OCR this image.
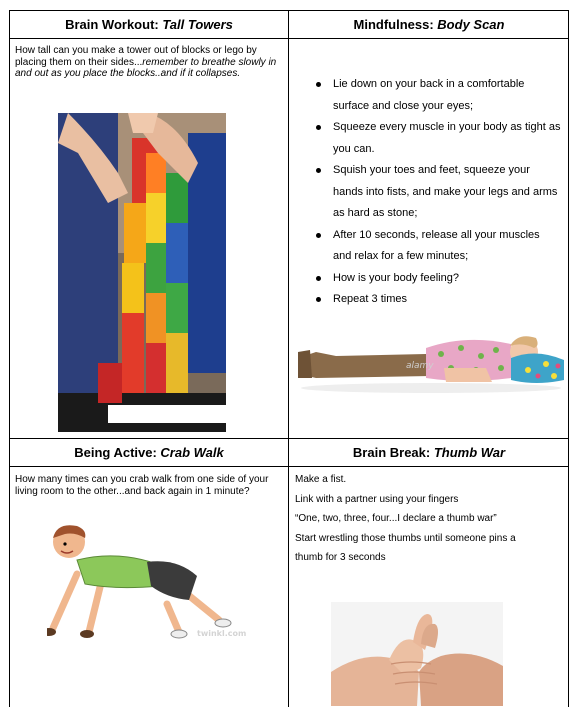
Brain Workout: Tall Towers
How tall can you make a tower out of blocks or lego by placing them on their sides...remember to breathe slowly in and out as you place the blocks..and if it collapses.
Mindfulness: Body Scan
Lie down on your back in a comfortable surface and close your eyes;
Squeeze every muscle in your body as tight as you can.
Squish your toes and feet, squeeze your hands into fists, and make your legs and arms as hard as stone;
After 10 seconds, release all your muscles and relax for a few minutes;
How is your body feeling?
Repeat 3 times
alamy
Being Active: Crab Walk
How many times can you crab walk from one side of your living room to the other...and back again in 1 minute?
twinkl.com
Brain Break: Thumb War

Make a fist.

Link with a partner using your fingers

“One, two, three, four...I declare a thumb war”

Start wrestling those thumbs until someone pins a

thumb for 3 seconds
